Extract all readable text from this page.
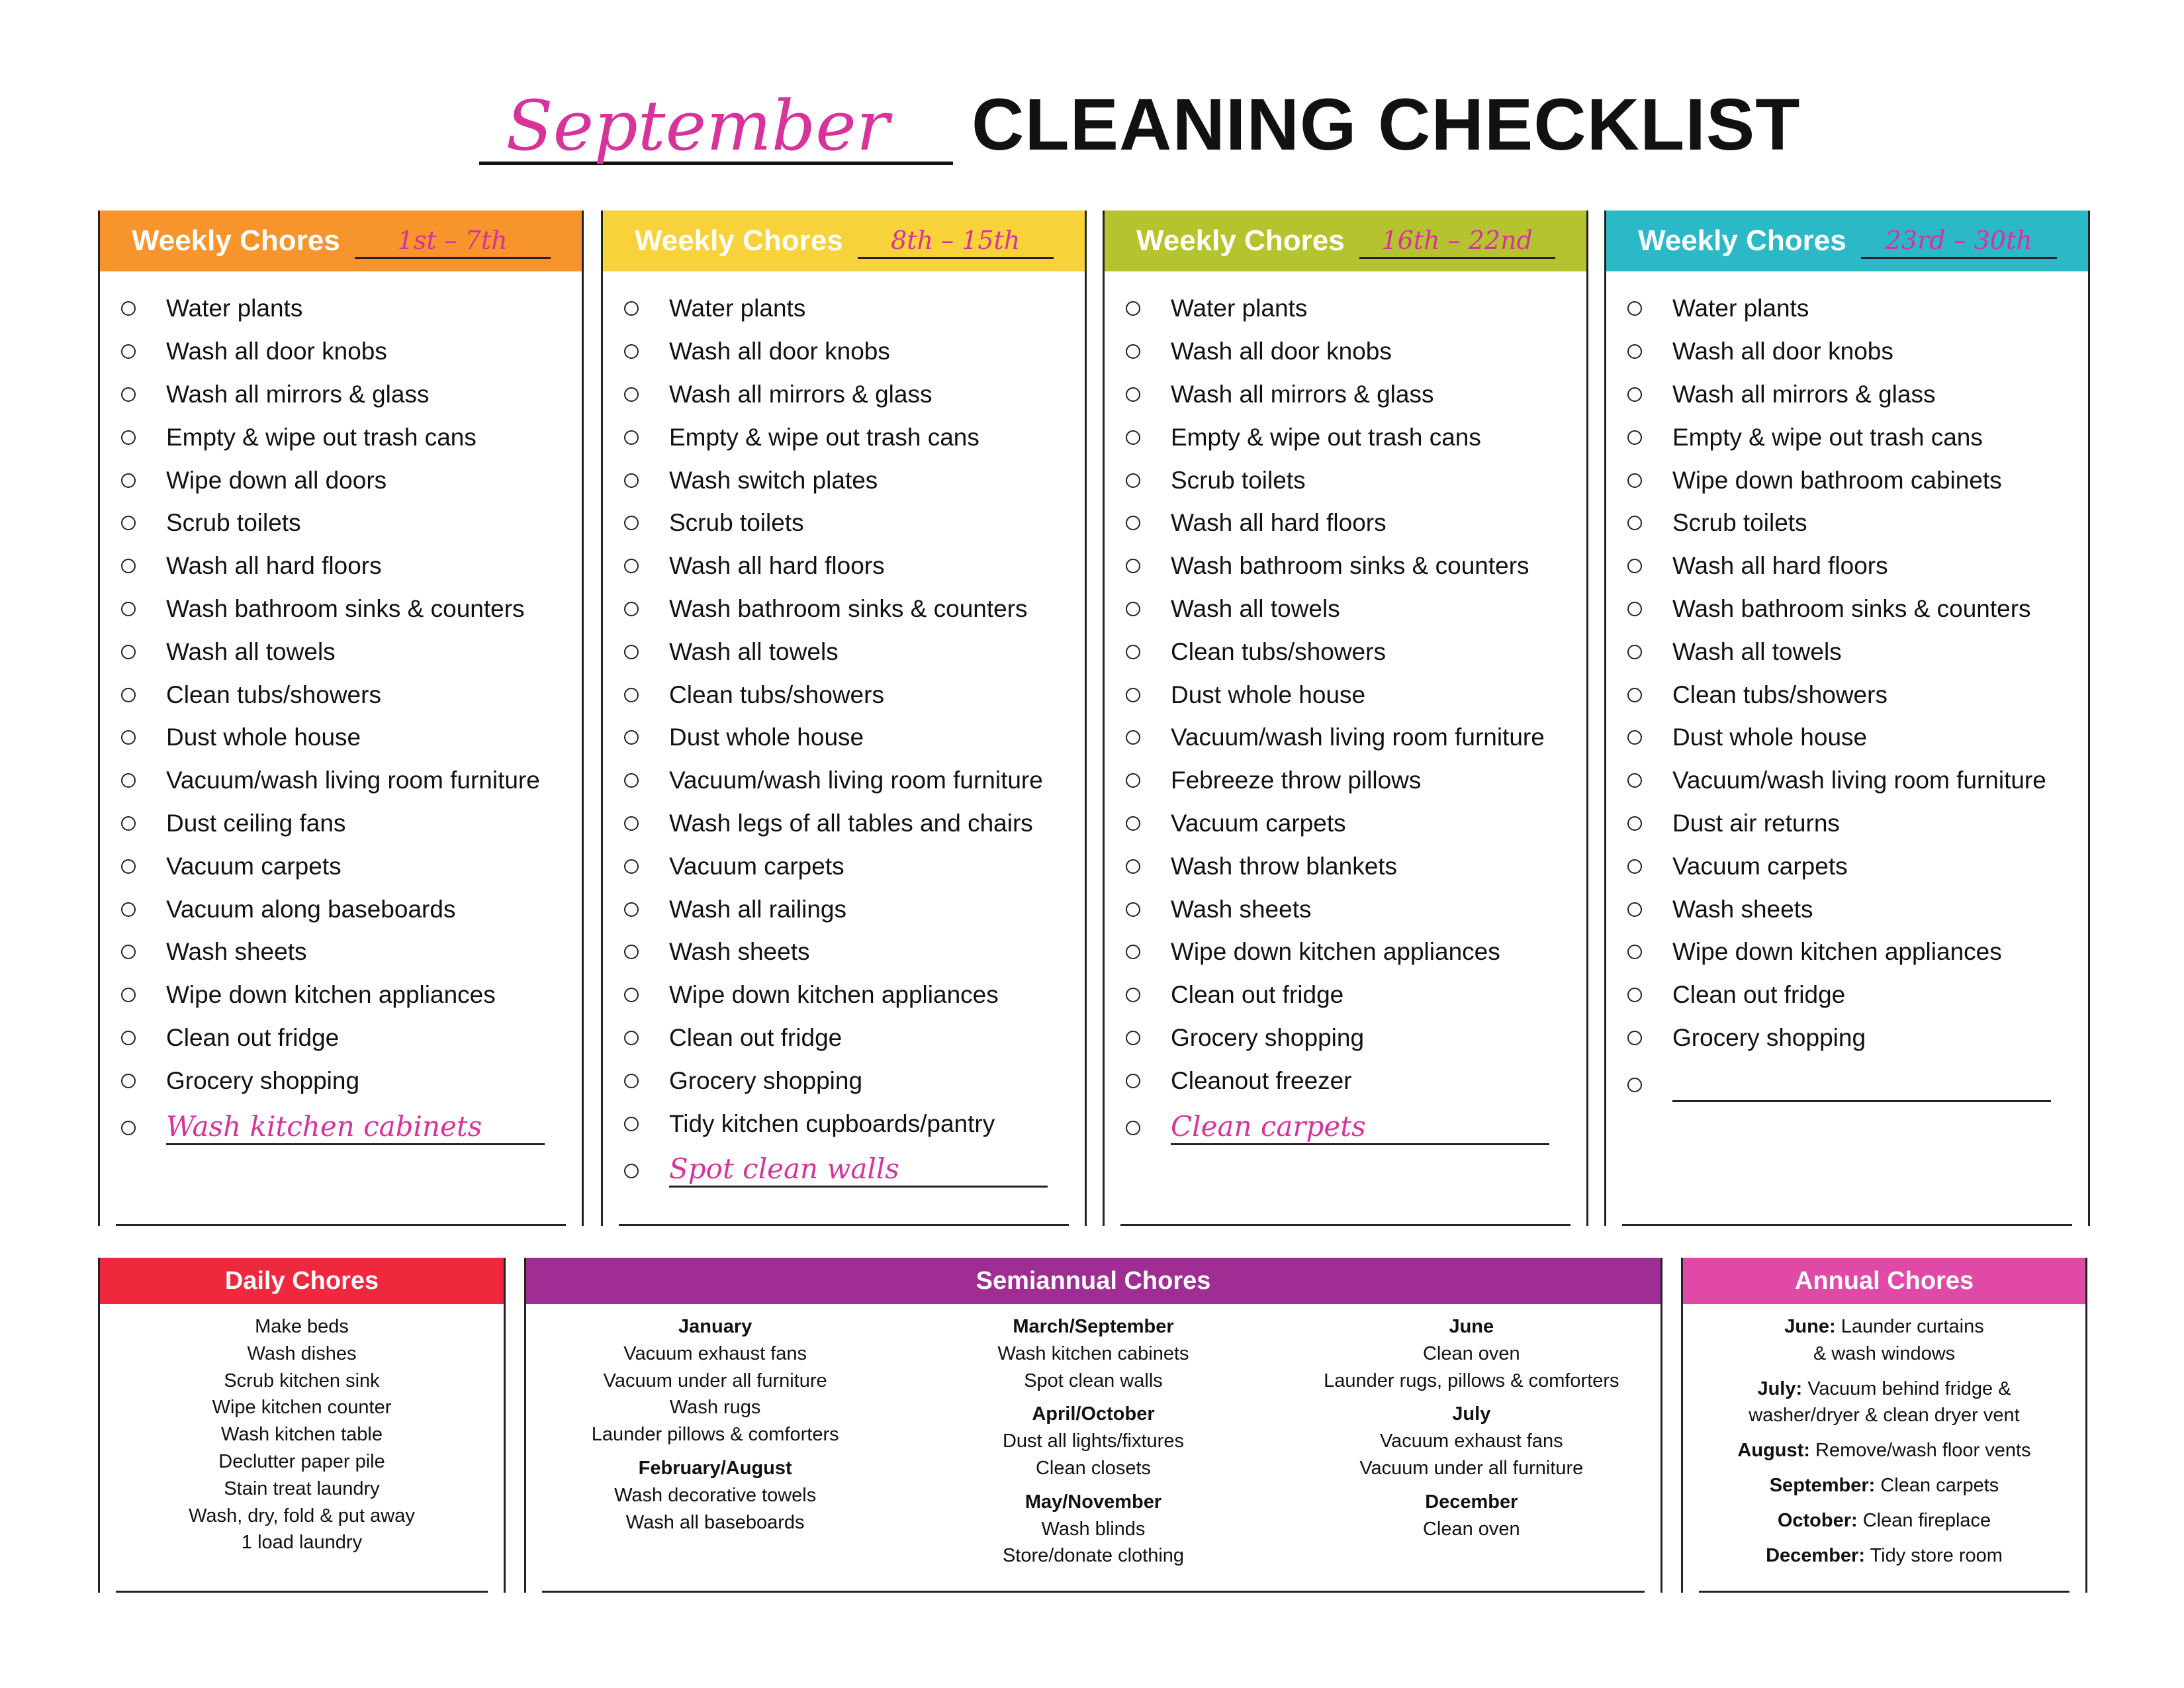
September	CLEANING CHECKLIST
Weekly Chores	1st – 7th
Water plants
Wash all door knobs
Wash all mirrors & glass
Empty & wipe out trash cans
Wipe down all doors
Scrub toilets
Wash all hard floors
Wash bathroom sinks & counters
Wash all towels
Clean tubs/showers
Dust whole house
Vacuum/wash living room furniture
Dust ceiling fans
Vacuum carpets
Vacuum along baseboards
Wash sheets
Wipe down kitchen appliances
Clean out fridge
Grocery shopping
Wash kitchen cabinets
Weekly Chores	8th – 15th
Water plants
Wash all door knobs
Wash all mirrors & glass
Empty & wipe out trash cans
Wash switch plates
Scrub toilets
Wash all hard floors
Wash bathroom sinks & counters
Wash all towels
Clean tubs/showers
Dust whole house
Vacuum/wash living room furniture
Wash legs of all tables and chairs
Vacuum carpets
Wash all railings
Wash sheets
Wipe down kitchen appliances
Clean out fridge
Grocery shopping
Tidy kitchen cupboards/pantry
Spot clean walls
Weekly Chores	16th – 22nd
Water plants
Wash all door knobs
Wash all mirrors & glass
Empty & wipe out trash cans
Scrub toilets
Wash all hard floors
Wash bathroom sinks & counters
Wash all towels
Clean tubs/showers
Dust whole house
Vacuum/wash living room furniture
Febreeze throw pillows
Vacuum carpets
Wash throw blankets
Wash sheets
Wipe down kitchen appliances
Clean out fridge
Grocery shopping
Cleanout freezer
Clean carpets
Weekly Chores	23rd – 30th
Water plants
Wash all door knobs
Wash all mirrors & glass
Empty & wipe out trash cans
Wipe down bathroom cabinets
Scrub toilets
Wash all hard floors
Wash bathroom sinks & counters
Wash all towels
Clean tubs/showers
Dust whole house
Vacuum/wash living room furniture
Dust air returns
Vacuum carpets
Wash sheets
Wipe down kitchen appliances
Clean out fridge
Grocery shopping
Daily Chores
Make beds
Wash dishes
Scrub kitchen sink
Wipe kitchen counter
Wash kitchen table
Declutter paper pile
Stain treat laundry
Wash, dry, fold & put away
1 load laundry
Semiannual Chores
January
Vacuum exhaust fans
Vacuum under all furniture
Wash rugs
Launder pillows & comforters
February/August
Wash decorative towels
Wash all baseboards
March/September
Wash kitchen cabinets
Spot clean walls
April/October
Dust all lights/fixtures
Clean closets
May/November
Wash blinds
Store/donate clothing
June
Clean oven
Launder rugs, pillows & comforters
July
Vacuum exhaust fans
Vacuum under all furniture
December
Clean oven
Annual Chores
June: Launder curtains
& wash windows
July: Vacuum behind fridge &
washer/dryer & clean dryer vent
August: Remove/wash floor vents
September: Clean carpets
October: Clean fireplace
December: Tidy store room
